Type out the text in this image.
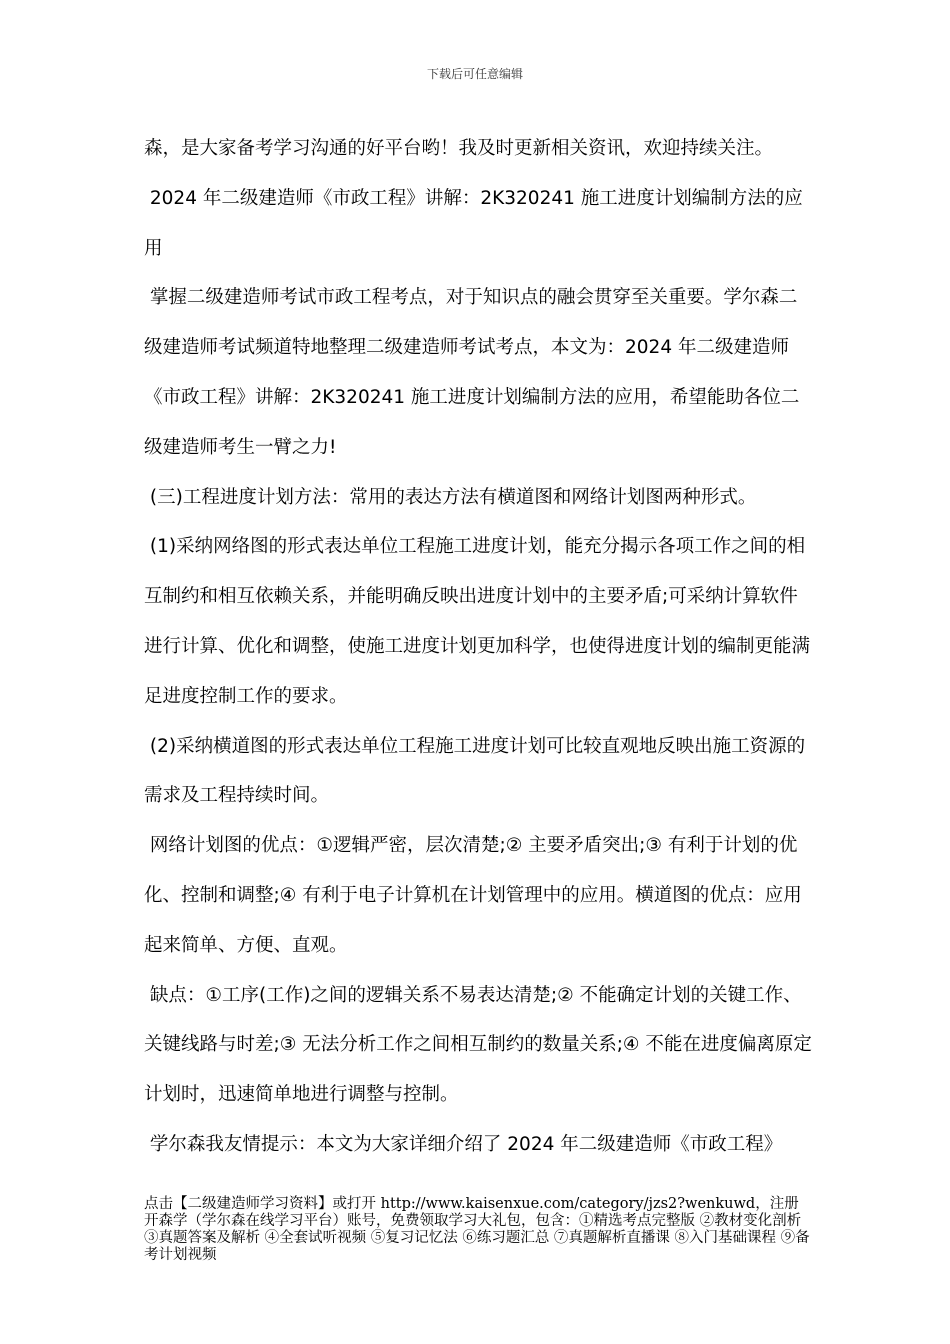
下载后可任意编辑

森，是大家备考学习沟通的好平台哟！我及时更新相关资讯，欢迎持续关注。

2024 年二级建造师《市政工程》讲解：2K320241 施工进度计划编制方法的应用

掌握二级建造师考试市政工程考点，对于知识点的融会贯穿至关重要。学尔森二级建造师考试频道特地整理二级建造师考试考点，本文为：2024 年二级建造师《市政工程》讲解：2K320241 施工进度计划编制方法的应用，希望能助各位二级建造师考生一臂之力!

(三)工程进度计划方法：常用的表达方法有横道图和网络计划图两种形式。

(1)采纳网络图的形式表达单位工程施工进度计划，能充分揭示各项工作之间的相互制约和相互依赖关系，并能明确反映出进度计划中的主要矛盾;可采纳计算软件进行计算、优化和调整，使施工进度计划更加科学，也使得进度计划的编制更能满足进度控制工作的要求。

(2)采纳横道图的形式表达单位工程施工进度计划可比较直观地反映出施工资源的需求及工程持续时间。

网络计划图的优点：①逻辑严密，层次清楚;② 主要矛盾突出;③ 有利于计划的优化、控制和调整;④ 有利于电子计算机在计划管理中的应用。横道图的优点：应用起来简单、方便、直观。

缺点：①工序(工作)之间的逻辑关系不易表达清楚;② 不能确定计划的关键工作、关键线路与时差;③ 无法分析工作之间相互制约的数量关系;④ 不能在进度偏离原定计划时，迅速简单地进行调整与控制。

学尔森我友情提示：本文为大家详细介绍了 2024 年二级建造师《市政工程》

点击【二级建造师学习资料】或打开 http://www.kaisenxue.com/category/jzs2?wenkuwd，注册开森学（学尔森在线学习平台）账号，免费领取学习大礼包，包含：①精选考点完整版 ②教材变化剖析 ③真题答案及解析 ④全套试听视频 ⑤复习记忆法 ⑥练习题汇总 ⑦真题解析直播课 ⑧入门基础课程 ⑨备考计划视频
